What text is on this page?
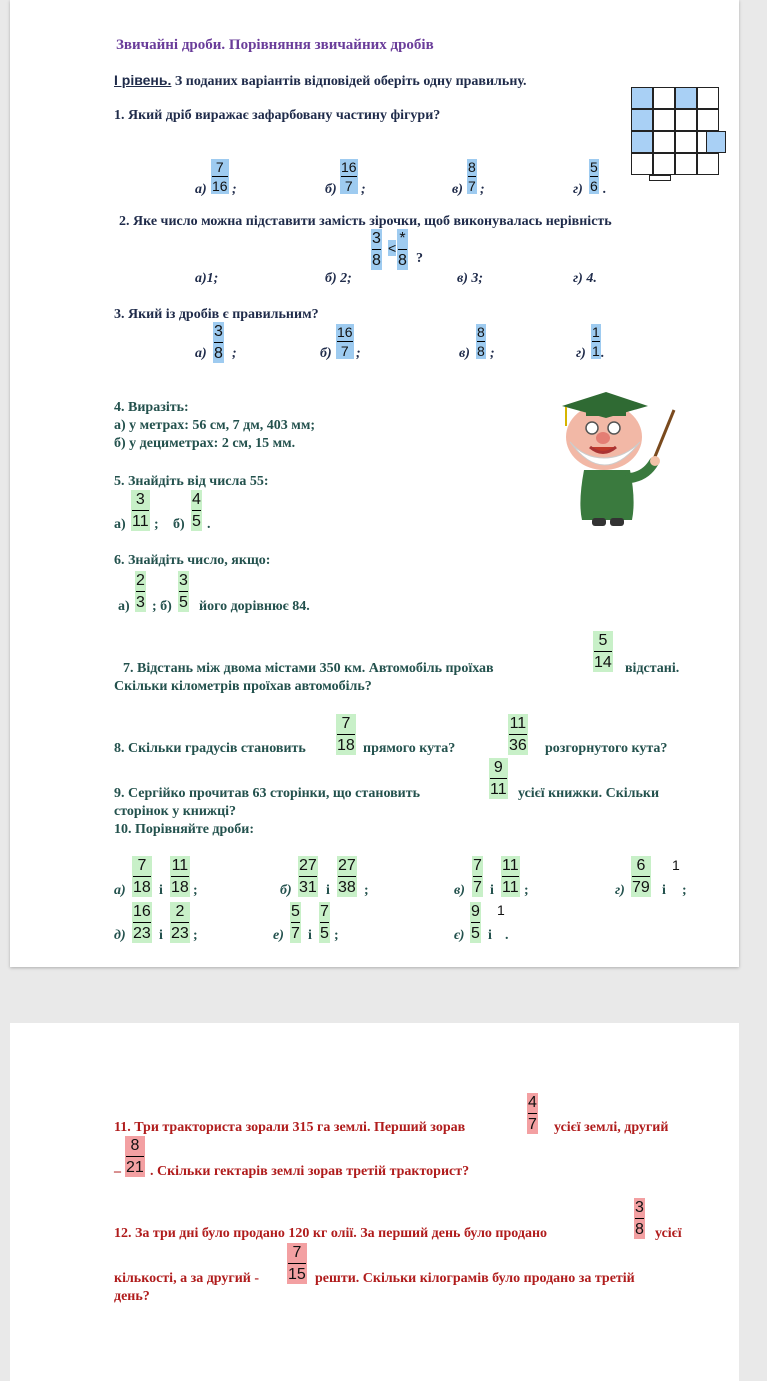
Звичайні дроби. Порівняння звичайних дробів
І рівень. З поданих варіантів відповідей оберіть одну правильну.
1. Який дріб виражає зафарбовану частину фігури?
а)
7
16 ;	б)
16
7 ;	в)
8
7 ;	г)
5
6 .
2. Яке число можна підставити замість зірочки, щоб виконувалась нерівність
3
8
<
*
8 ?
а)1;	б) 2;	в) 3;	г) 4.
3. Який із дробів є правильним?
а)
3
8 ;	б)
16
7 ;	в)
8
8 ;	г)
1
1 .
4. Виразіть:
а) у метрах: 56 см, 7 дм, 403 мм;
б) у дециметрах: 2 см, 15 мм.
5. Знайдіть від числа 55:
а)
3
11 ; б)
4
5 .
6. Знайдіть число, якщо:
а)
2
3 ; б)
3
5 його дорівнює 84.
7. Відстань між двома містами 350 км. Автомобіль проїхав
5
14 відстані.
Скільки кілометрів проїхав автомобіль?
8. Скільки градусів становить
7
18 прямого кута?
11
36 розгорнутого кута?
9. Сергійко прочитав 63 сторінки, що становить
9
11 усієї книжки. Скільки
сторінок у книжці?
10. Порівняйте дроби:
а)
7
18 і
11
18 ;	б)
27
31 і
27
38 ;	в)
7
7 і
11
11 ;	г)
6
79 і
1
;
д)
16
23 і
2
23 ;	е)
5
7 і
7
5 ;	є)
9
5 і
1
.
11. Три тракториста зорали 315 га землі. Перший зорав
4
7 усієї землі, другий
–
8
21 . Скільки гектарів землі зорав третій тракторист?
12. За три дні було продано 120 кг олії. За перший день було продано
3
8 усієї
кількості, а за другий -
7
15 решти. Скільки кілограмів було продано за третій
день?
